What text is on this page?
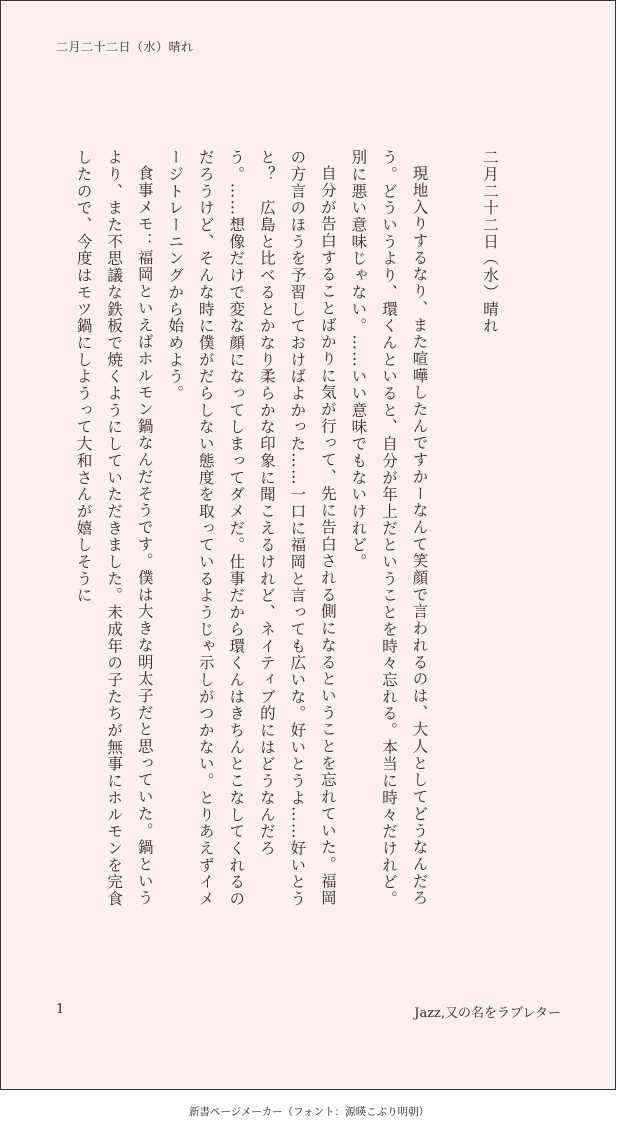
二月二十二日（水）晴れ

二月二十二日（水）晴れ

現地入りするなり、また喧嘩したんですかーなんて笑顔で言われるのは、大人としてどうなんだろう。どういうより、環くんといると、自分が年上だということを時々忘れる。本当に時々だけれど。別に悪い意味じゃない。……いい意味でもないけれど。

自分が告白することばかりに気が行って、先に告白される側になるということを忘れていた。福岡の方言のほうを予習しておけばよかった……一口に福岡と言っても広いな。好いとうよ……好いとうと？　広島と比べるとかなり柔らかな印象に聞こえるけれど、ネイティブ的にはどうなんだろう。……想像だけで変な顔になってしまってダメだ。仕事だから環くんはきちんとこなしてくれるのだろうけど、そんな時に僕がだらしない態度を取っているようじゃ示しがつかない。とりあえずイメージトレーニングから始めよう。

食事メモ：福岡といえばホルモン鍋なんだそうです。僕は大きな明太子だと思っていた。鍋というより、また不思議な鉄板で焼くようにしていただきました。未成年の子たちが無事にホルモンを完食したので、今度はモツ鍋にしようって大和さんが嬉しそうに

1	Jazz,又の名をラブレター
新書ページメーカー（フォント：源暎こぶり明朝）
